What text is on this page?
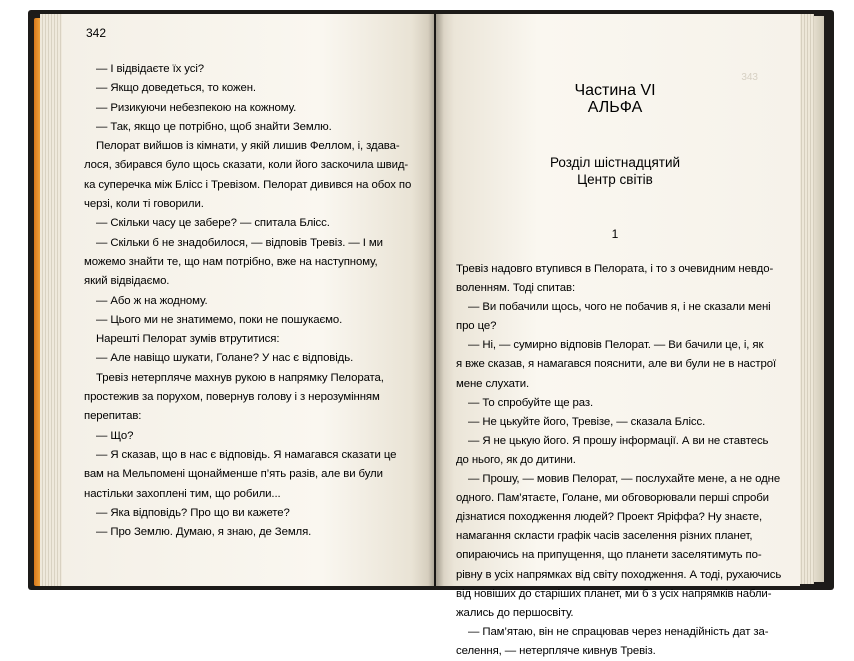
342
— І відвідаєте їх усі?
— Якщо доведеться, то кожен.
— Ризикуючи небезпекою на кожному.
— Так, якщо це потрібно, щоб знайти Землю.
Пелорат вийшов із кімнати, у якій лишив Феллом, і, здава-
лося, збирався було щось сказати, коли його заскочила швид-
ка суперечка між Блісс і Тревізом. Пелорат дивився на обох по
черзі, коли ті говорили.
— Скільки часу це забере? — спитала Блісс.
— Скільки б не знадобилося, — відповів Тревіз. — І ми
можемо знайти те, що нам потрібно, вже на наступному,
який відвідаємо.
— Або ж на жодному.
— Цього ми не знатимемо, поки не пошукаємо.
Нарешті Пелорат зумів втрутитися:
— Але навіщо шукати, Голане? У нас є відповідь.
Тревіз нетерпляче махнув рукою в напрямку Пелората,
простежив за порухом, повернув голову і з нерозумінням
перепитав:
— Що?
— Я сказав, що в нас є відповідь. Я намагався сказати це
вам на Мельпомені щонайменше п’ять разів, але ви були
настільки захоплені тим, що робили...
— Яка відповідь? Про що ви кажете?
— Про Землю. Думаю, я знаю, де Земля.
343
Частина VI
АЛЬФА
Розділ шістнадцятий
Центр світів
1
Тревіз надовго втупився в Пелората, і то з очевидним невдо-
воленням. Тоді спитав:
— Ви побачили щось, чого не побачив я, і не сказали мені
про це?
— Ні, — сумирно відповів Пелорат. — Ви бачили це, і, як
я вже сказав, я намагався пояснити, але ви були не в настрої
мене слухати.
— То спробуйте ще раз.
— Не цькуйте його, Тревізе, — сказала Блісс.
— Я не цькую його. Я прошу інформації. А ви не ставтесь
до нього, як до дитини.
— Прошу, — мовив Пелорат, — послухайте мене, а не одне
одного. Пам’ятаєте, Голане, ми обговорювали перші спроби
дізнатися походження людей? Проект Яріффа? Ну знаєте,
намагання скласти графік часів заселення різних планет,
опираючись на припущення, що планети заселятимуть по-
рівну в усіх напрямках від світу походження. А тоді, рухаючись
від новіших до старіших планет, ми б з усіх напрямків набли-
жались до першосвіту.
— Пам’ятаю, він не спрацював через ненадійність дат за-
селення, — нетерпляче кивнув Тревіз.
